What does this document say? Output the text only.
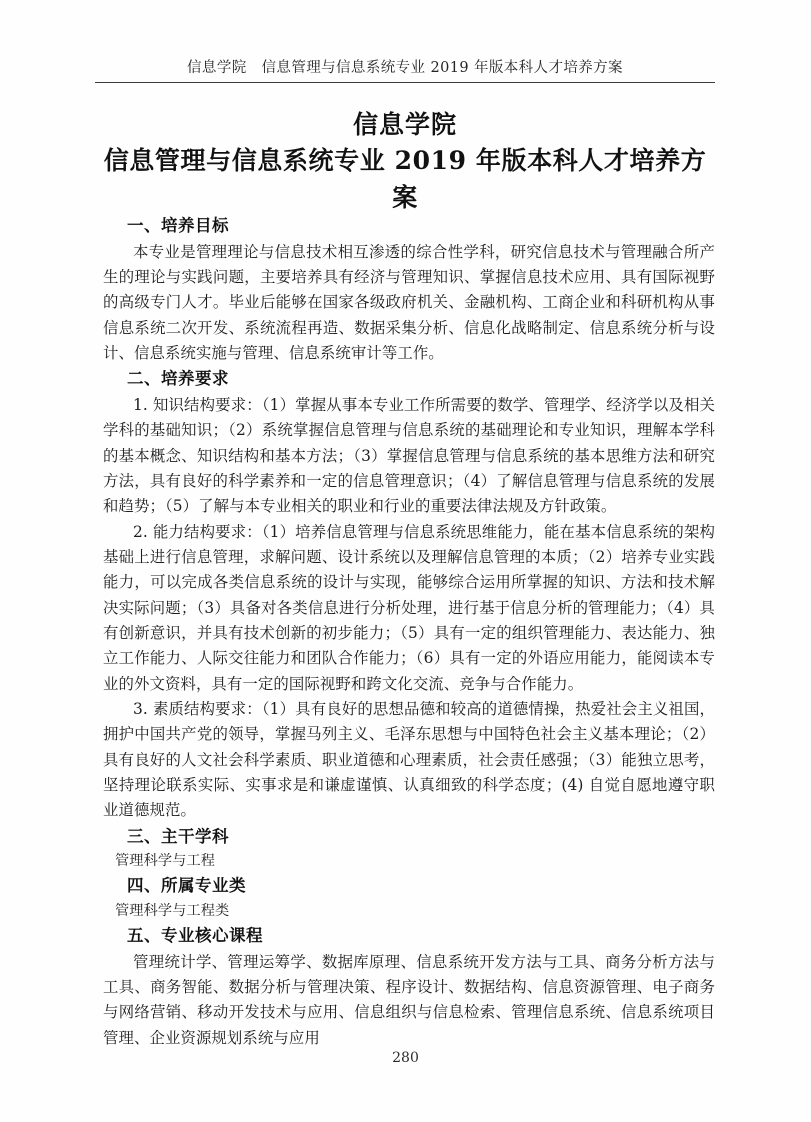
信息学院　信息管理与信息系统专业 2019 年版本科人才培养方案
信息学院
信息管理与信息系统专业 2019 年版本科人才培养方案

一、培养目标

本专业是管理理论与信息技术相互渗透的综合性学科，研究信息技术与管理融合所产生的理论与实践问题，主要培养具有经济与管理知识、掌握信息技术应用、具有国际视野的高级专门人才。毕业后能够在国家各级政府机关、金融机构、工商企业和科研机构从事信息系统二次开发、系统流程再造、数据采集分析、信息化战略制定、信息系统分析与设计、信息系统实施与管理、信息系统审计等工作。

二、培养要求

1. 知识结构要求：（1）掌握从事本专业工作所需要的数学、管理学、经济学以及相关学科的基础知识；（2）系统掌握信息管理与信息系统的基础理论和专业知识，理解本学科的基本概念、知识结构和基本方法；（3）掌握信息管理与信息系统的基本思维方法和研究方法，具有良好的科学素养和一定的信息管理意识；（4）了解信息管理与信息系统的发展和趋势；（5）了解与本专业相关的职业和行业的重要法律法规及方针政策。

2. 能力结构要求：（1）培养信息管理与信息系统思维能力，能在基本信息系统的架构基础上进行信息管理，求解问题、设计系统以及理解信息管理的本质；（2）培养专业实践能力，可以完成各类信息系统的设计与实现，能够综合运用所掌握的知识、方法和技术解决实际问题；（3）具备对各类信息进行分析处理，进行基于信息分析的管理能力；（4）具有创新意识，并具有技术创新的初步能力；（5）具有一定的组织管理能力、表达能力、独立工作能力、人际交往能力和团队合作能力；（6）具有一定的外语应用能力，能阅读本专业的外文资料，具有一定的国际视野和跨文化交流、竞争与合作能力。

3. 素质结构要求：（1）具有良好的思想品德和较高的道德情操，热爱社会主义祖国，拥护中国共产党的领导，掌握马列主义、毛泽东思想与中国特色社会主义基本理论；（2）具有良好的人文社会科学素质、职业道德和心理素质，社会责任感强；（3）能独立思考，坚持理论联系实际、实事求是和谦虚谨慎、认真细致的科学态度；(4) 自觉自愿地遵守职业道德规范。

三、主干学科

管理科学与工程

四、所属专业类

管理科学与工程类

五、专业核心课程

管理统计学、管理运筹学、数据库原理、信息系统开发方法与工具、商务分析方法与工具、商务智能、数据分析与管理决策、程序设计、数据结构、信息资源管理、电子商务与网络营销、移动开发技术与应用、信息组织与信息检索、管理信息系统、信息系统项目管理、企业资源规划系统与应用

280
